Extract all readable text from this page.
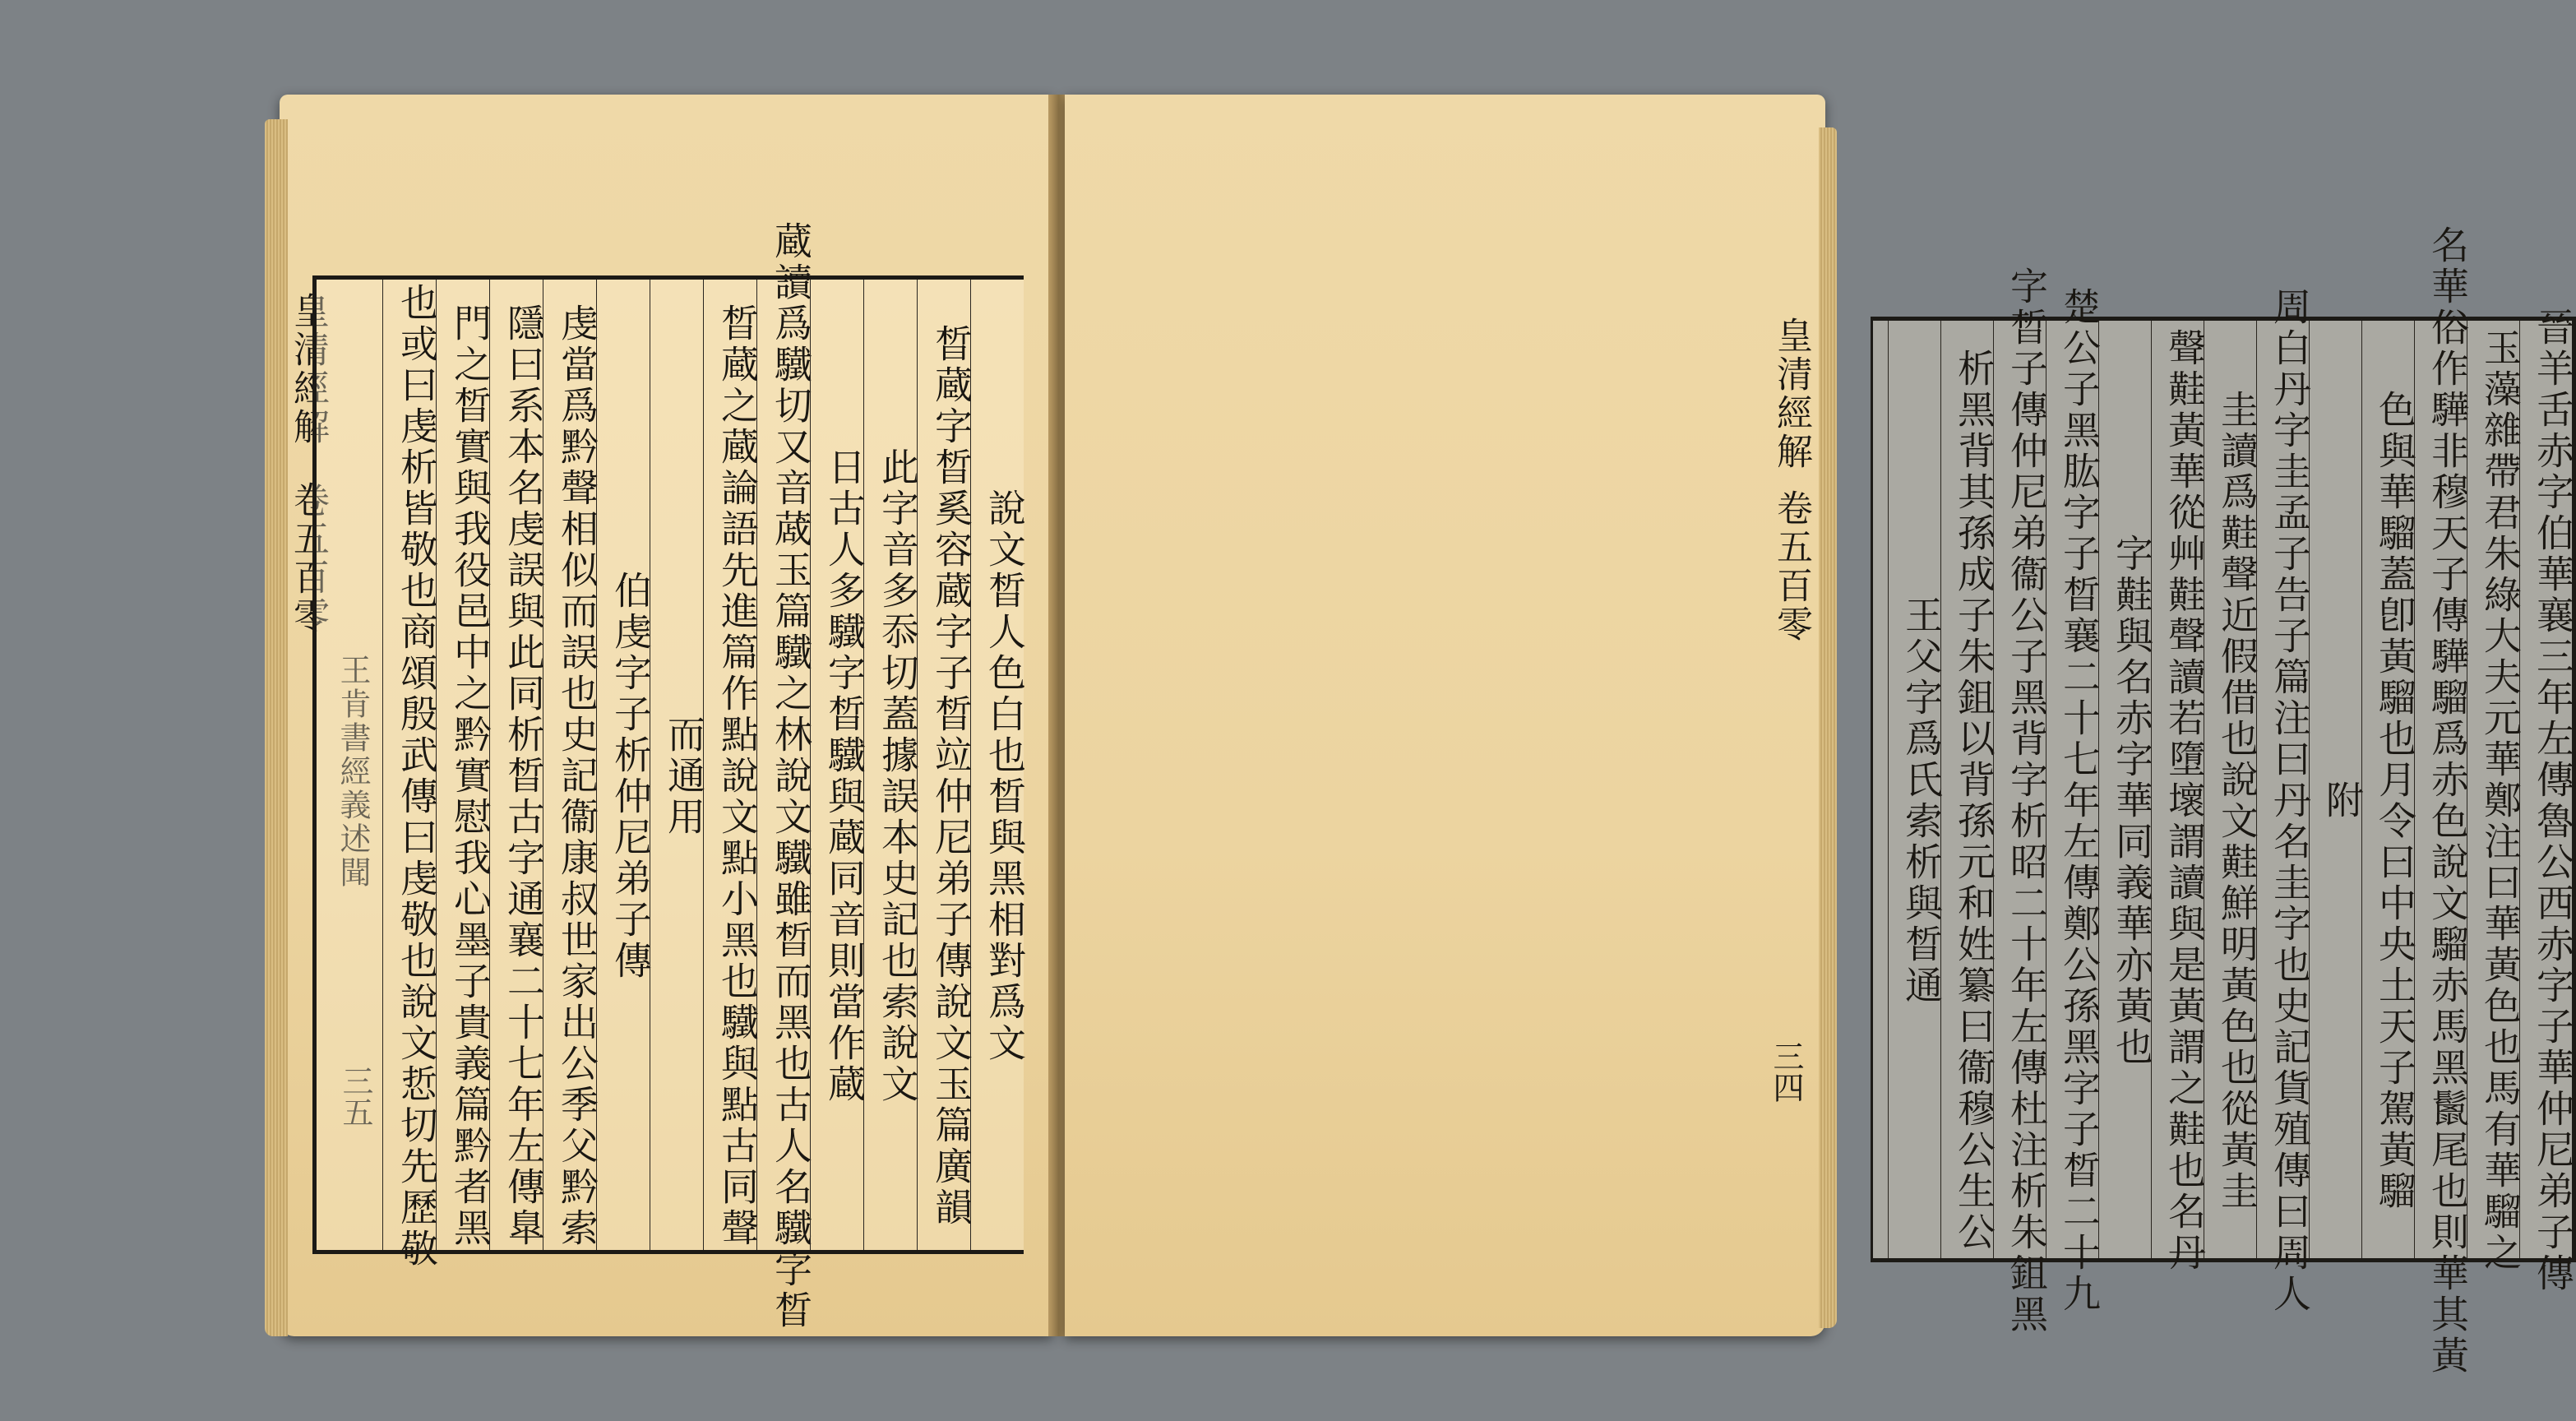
皇清經解
卷五百零
王肯書經義述聞
三五
說文晳人色白也晳與黑相對爲文
晳蔵字晳奚容蔵字子晳竝仲尼弟子傳說文玉篇廣韻
此字音多忝切蓋據誤本史記也索說文
日古人多驖字晳驖與蔵同音則當作蔵
蔵讀爲驖切又音蒧玉篇驖之林說文驖雖晳而黑也古人名驖字晳
晳蔵之蔵論語先進篇作點說文點小黑也驖與點古同聲
而通用
伯虔字子析仲尼弟子傳
虔當爲黔聲相似而誤也史記衞康叔世家出公季父黔索
隱曰系本名虔誤與此同析晳古字通襄二十七年左傳臯
門之晳實與我役邑中之黔實慰我心墨子貴義篇黔者黑
也或曰虔析皆敬也商頌殷武傳曰虔敬也說文悊切先歷敬	皇清經解
卷五百零
三四	晉羊舌赤字伯華襄三年左傳魯公西赤字子華仲尼弟子傳
玉藻雜帶君朱綠大夫元華鄭注曰華黃色也馬有華騮之
名華俗作驊非穆天子傳驊騮爲赤色說文騮赤馬黑鬛尾也則華其黃
色與華騮蓋卽黃騮也月令曰中央土天子駕黃騮
附
周白丹字圭孟子告子篇注曰丹名圭字也史記貨殖傳曰周人
圭讀爲黊聲近假借也說文黊鮮明黃色也從黃圭
聲黊黃華從艸黊聲讀若墮壞謂讀與是黃謂之黊也名丹
字黊與名赤字華同義華亦黃也
楚公子黑肱字子晳襄二十七年左傳鄭公孫黑字子晳二十九
字晳子傳仲尼弟衞公子黑背字析昭二十年左傳杜注析朱鉏黑
析黑背其孫成子朱鉏以背孫元和姓纂曰衞穆公生公
王父字爲氏索析與晳通
